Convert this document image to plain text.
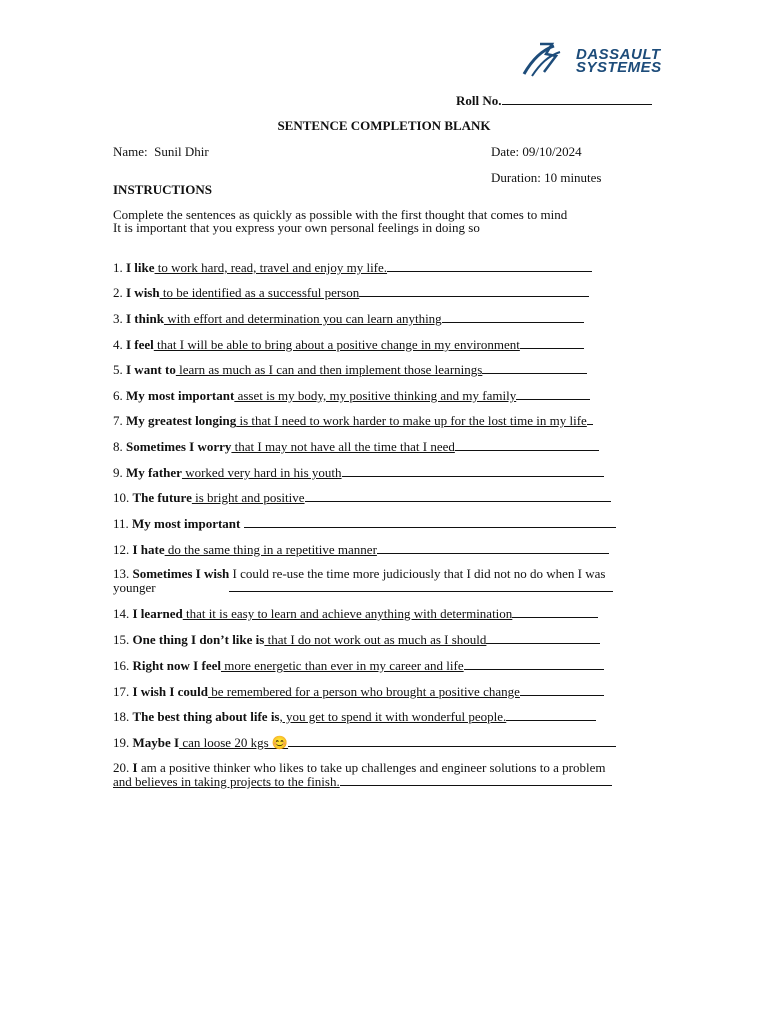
DASSAULT
SYSTEMES
Roll No.
SENTENCE COMPLETION BLANK
Name: Sunil Dhir	Date: 09/10/2024
Duration: 10 minutes
INSTRUCTIONS
Complete the sentences as quickly as possible with the first thought that comes to mind
It is important that you express your own personal feelings in doing so
1. I like to work hard, read, travel and enjoy my life.
2. I wish to be identified as a successful person
3. I think with effort and determination you can learn anything
4. I feel that I will be able to bring about a positive change in my environment
5. I want to learn as much as I can and then implement those learnings
6. My most important asset is my body, my positive thinking and my family
7. My greatest longing is that I need to work harder to make up for the lost time in my life
8. Sometimes I worry that I may not have all the time that I need
9. My father worked very hard in his youth
10. The future is bright and positive
11. My most important
12. I hate do the same thing in a repetitive manner
13. Sometimes I wish I could re-use the time more judiciously that I did not no do when I was
younger
14. I learned that it is easy to learn and achieve anything with determination
15. One thing I don’t like is that I do not work out as much as I should
16. Right now I feel more energetic than ever in my career and life
17. I wish I could be remembered for a person who brought a positive change
18. The best thing about life is, you get to spend it with wonderful people.
19. Maybe I can loose 20 kgs 😊
20. I am a positive thinker who likes to take up challenges and engineer solutions to a problem
and believes in taking projects to the finish.
